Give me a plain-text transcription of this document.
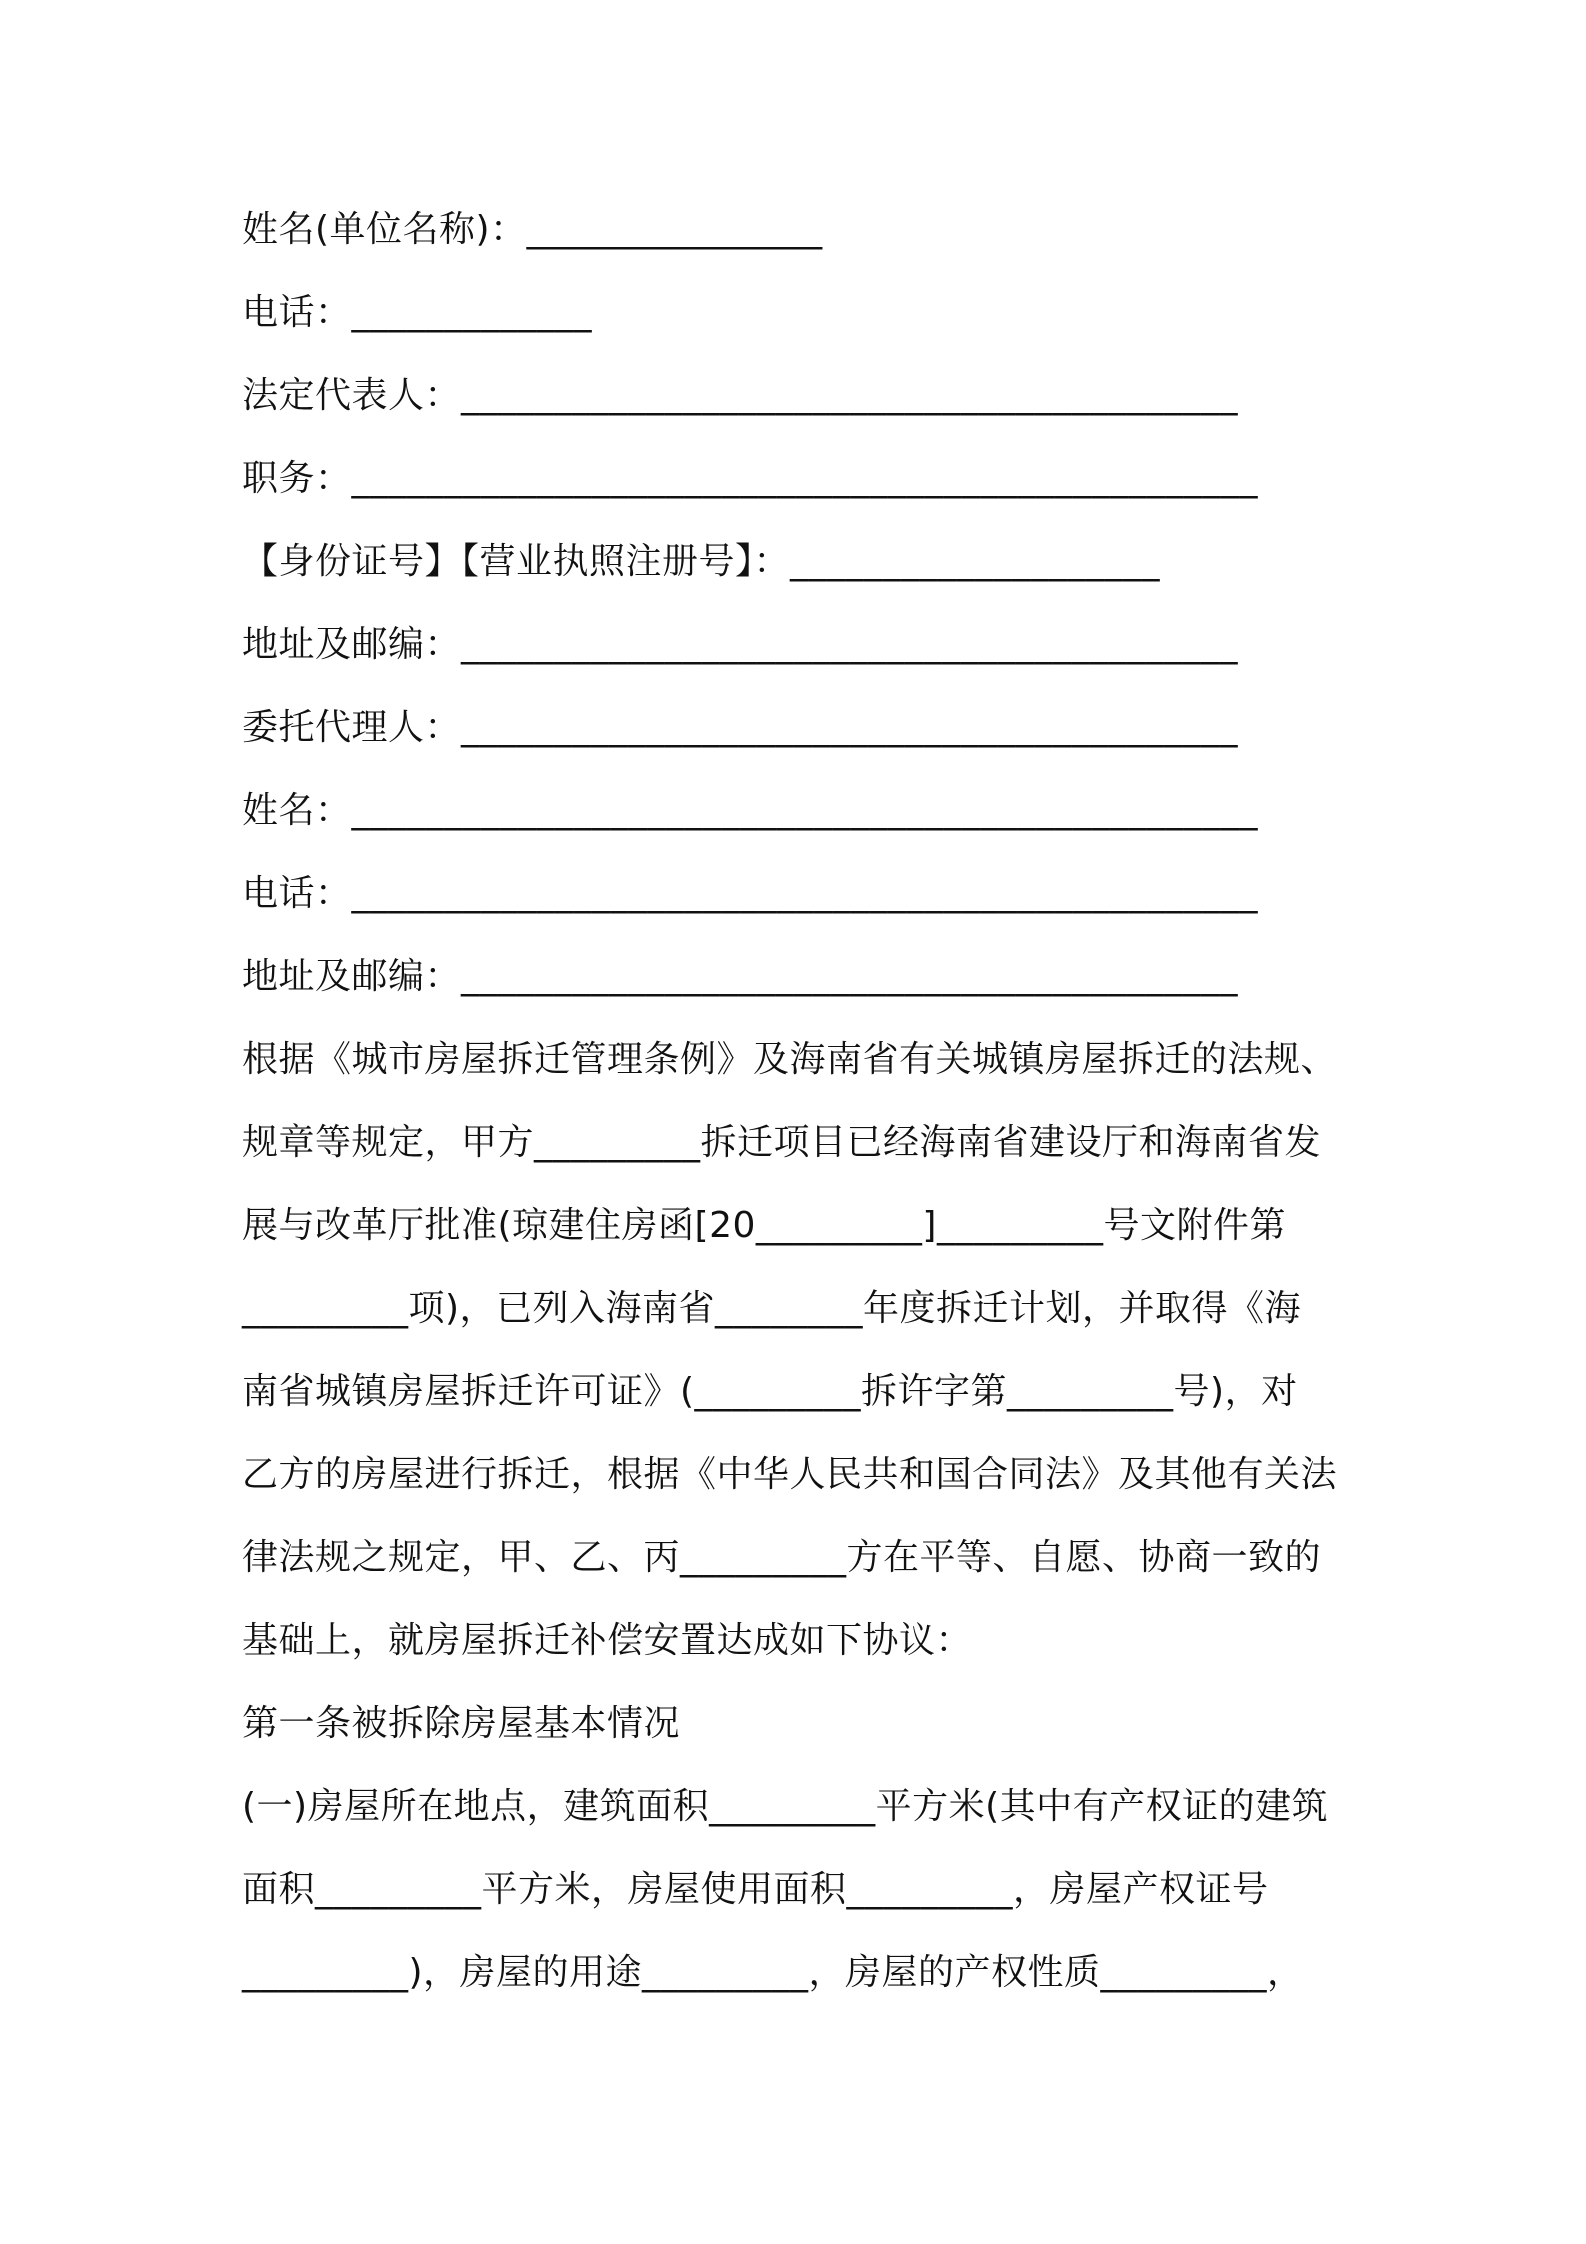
姓名(单位名称)：________________
电话：_____________
法定代表人：__________________________________________
职务：_________________________________________________
【身份证号】【营业执照注册号】：____________________
地址及邮编：__________________________________________
委托代理人：__________________________________________
姓名：_________________________________________________
电话：_________________________________________________
地址及邮编：__________________________________________
根据《城市房屋拆迁管理条例》及海南省有关城镇房屋拆迁的法规、
规章等规定，甲方_________拆迁项目已经海南省建设厅和海南省发
展与改革厅批准(琼建住房函[20_________]_________号文附件第
_________项)，已列入海南省________年度拆迁计划，并取得《海
南省城镇房屋拆迁许可证》(_________拆许字第_________号)，对
乙方的房屋进行拆迁，根据《中华人民共和国合同法》及其他有关法
律法规之规定，甲、乙、丙_________方在平等、自愿、协商一致的
基础上，就房屋拆迁补偿安置达成如下协议：
第一条被拆除房屋基本情况
(一)房屋所在地点，建筑面积_________平方米(其中有产权证的建筑
面积_________平方米，房屋使用面积_________，房屋产权证号
_________)，房屋的用途_________，房屋的产权性质_________，
